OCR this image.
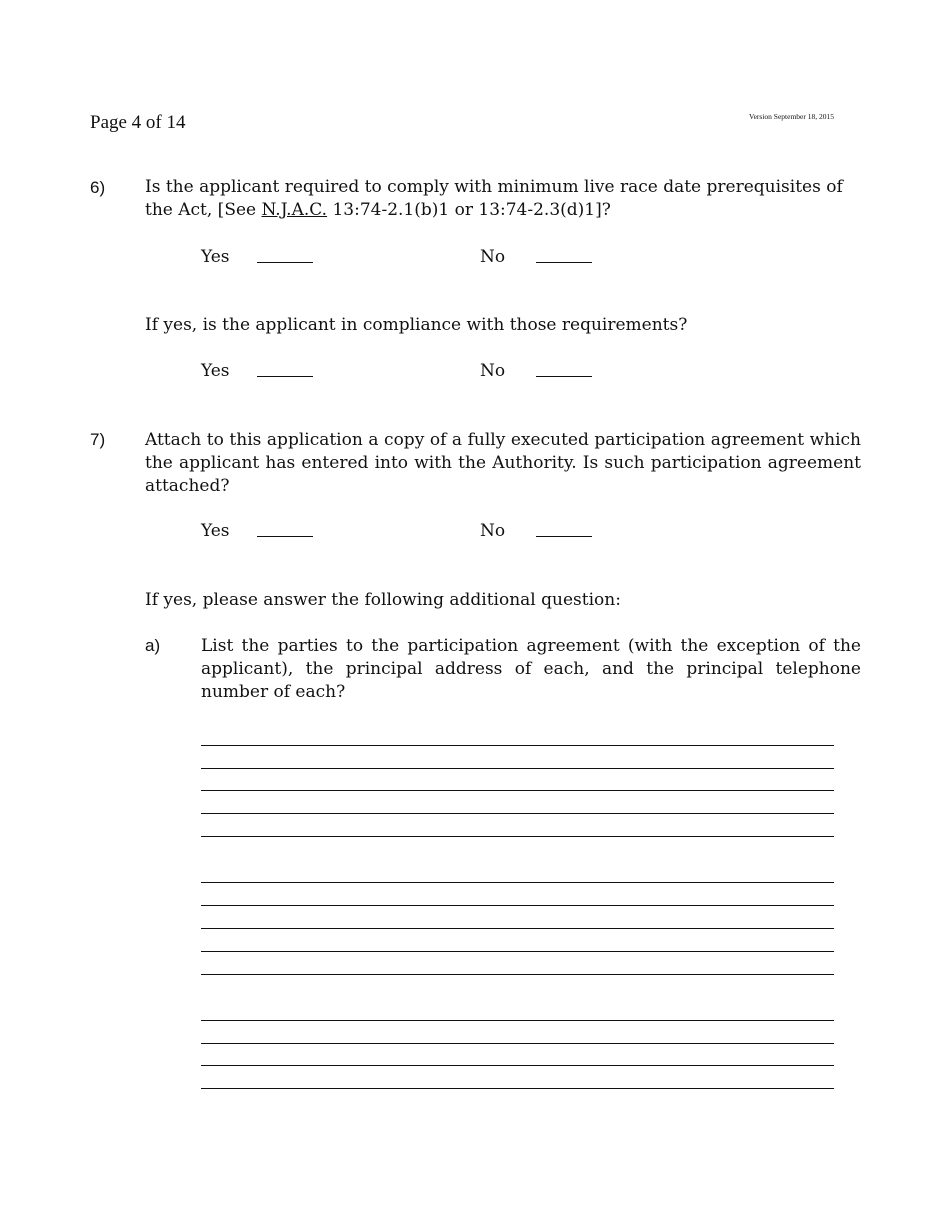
Page 4 of 14	Version September 18, 2015
6) Is the applicant required to comply with minimum live race date prerequisites of the Act, [See N.J.A.C. 13:74-2.1(b)1 or 13:74-2.3(d)1]?
Yes	No
If yes, is the applicant in compliance with those requirements?
Yes	No
7) Attach to this application a copy of a fully executed participation agreement which the applicant has entered into with the Authority. Is such participation agreement attached?
Yes	No
If yes, please answer the following additional question:
a) List the parties to the participation agreement (with the exception of the applicant), the principal address of each, and the principal telephone number of each?
